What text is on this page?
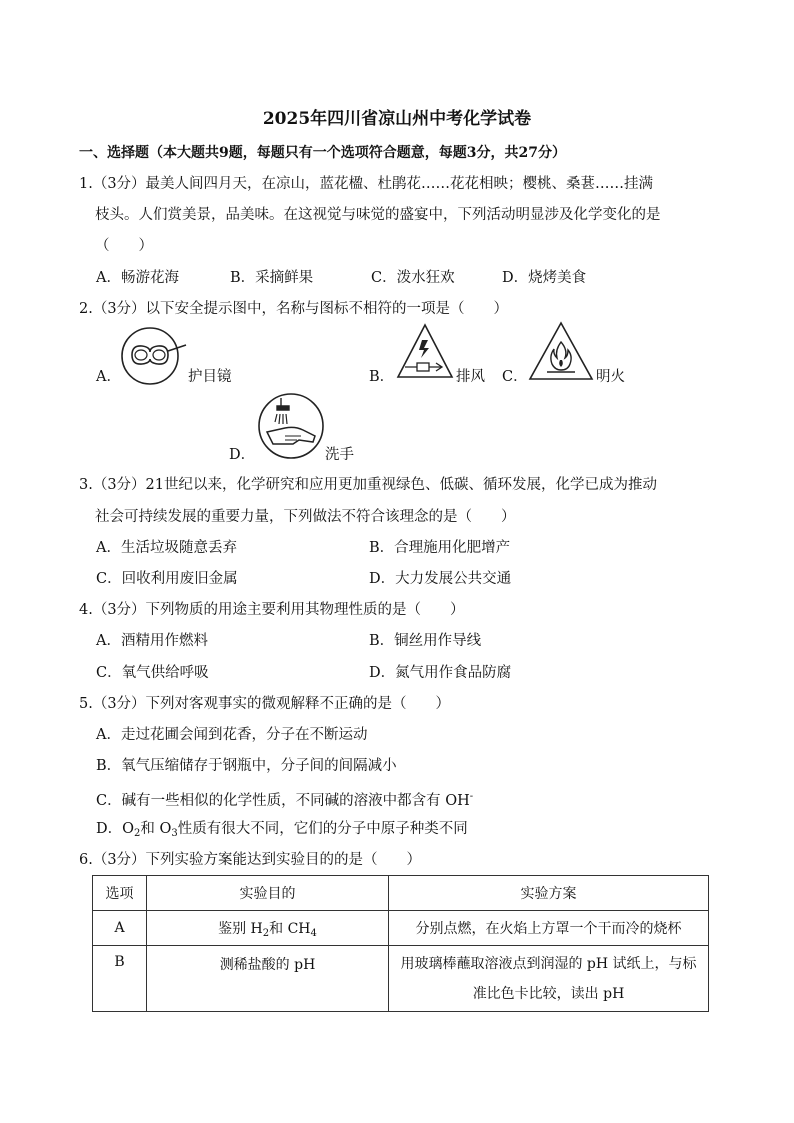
2025年四川省凉山州中考化学试卷
一、选择题（本大题共9题，每题只有一个选项符合题意，每题3分，共27分）
1.（3分）最美人间四月天，在凉山，蓝花楹、杜鹃花……花花相映；樱桃、桑葚……挂满
枝头。人们赏美景，品美味。在这视觉与味觉的盛宴中，下列活动明显涉及化学变化的是
（　　）
A．畅游花海	B．采摘鲜果	C．泼水狂欢	D．烧烤美食
2.（3分）以下安全提示图中，名称与图标不相符的一项是（　　）
A．	护目镜	B．	排风 C．	明火
D．	洗手
3.（3分）21世纪以来，化学研究和应用更加重视绿色、低碳、循环发展，化学已成为推动
社会可持续发展的重要力量，下列做法不符合该理念的是（　　）
A．生活垃圾随意丢弃	B．合理施用化肥增产
C．回收利用废旧金属	D．大力发展公共交通
4.（3分）下列物质的用途主要利用其物理性质的是（　　）
A．酒精用作燃料	B．铜丝用作导线
C．氧气供给呼吸	D．氮气用作食品防腐
5.（3分）下列对客观事实的微观解释不正确的是（　　）
A．走过花圃会闻到花香，分子在不断运动
B．氧气压缩储存于钢瓶中，分子间的间隔减小
C．碱有一些相似的化学性质，不同碱的溶液中都含有 OH-
D．$O_2$和 $O_3$性质有很大不同，它们的分子中原子种类不同
6.（3分）下列实验方案能达到实验目的的是（　　）
选项	实验目的	实验方案
A	鉴别 $H_2$和 $CH_4$	分别点燃，在火焰上方罩一个干而冷的烧杯
B	测稀盐酸的 pH	用玻璃棒蘸取溶液点到润湿的 pH 试纸上，与标
准比色卡比较，读出 pH
